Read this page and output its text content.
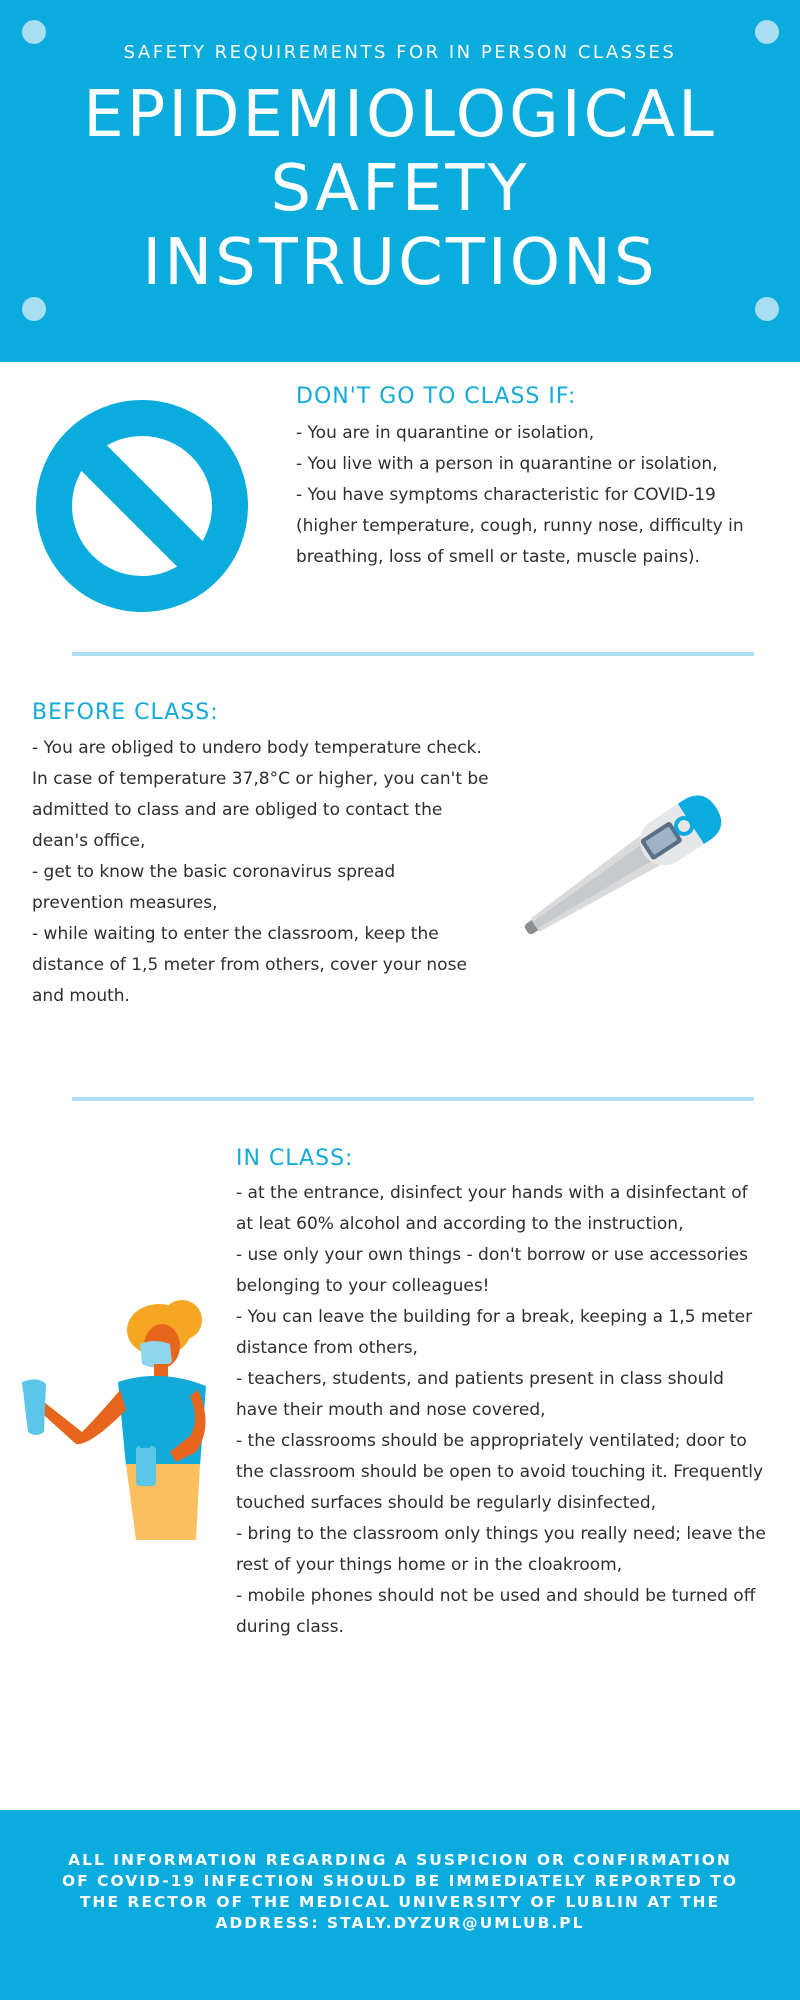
SAFETY REQUIREMENTS FOR IN PERSON CLASSES
EPIDEMIOLOGICAL
SAFETY
INSTRUCTIONS
DON'T GO TO CLASS IF:
- You are in quarantine or isolation,
- You live with a person in quarantine or isolation,
- You have symptoms characteristic for COVID-19 (higher temperature, cough, runny nose, difficulty in breathing, loss of smell or taste, muscle pains).
BEFORE CLASS:
- You are obliged to undero body temperature check. In case of temperature 37,8°C or higher, you can't be admitted to class and are obliged to contact the dean's office,
- get to know the basic coronavirus spread prevention measures,
- while waiting to enter the classroom, keep the distance of 1,5 meter from others, cover your nose and mouth.
IN CLASS:
- at the entrance, disinfect your hands with a disinfectant of at leat 60% alcohol and according to the instruction,
- use only your own things - don't borrow or use accessories belonging to your colleagues!
- You can leave the building for a break, keeping a 1,5 meter distance from others,
- teachers, students, and patients present in class should have their mouth and nose covered,
- the classrooms should be appropriately ventilated; door to the classroom should be open to avoid touching it. Frequently touched surfaces should be regularly disinfected,
- bring to the classroom only things you really need; leave the rest of your things home or in the cloakroom,
- mobile phones should not be used and should be turned off during class.
ALL INFORMATION REGARDING A SUSPICION OR CONFIRMATION OF COVID-19 INFECTION SHOULD BE IMMEDIATELY REPORTED TO THE RECTOR OF THE MEDICAL UNIVERSITY OF LUBLIN AT THE ADDRESS: STALY.DYZUR@UMLUB.PL
